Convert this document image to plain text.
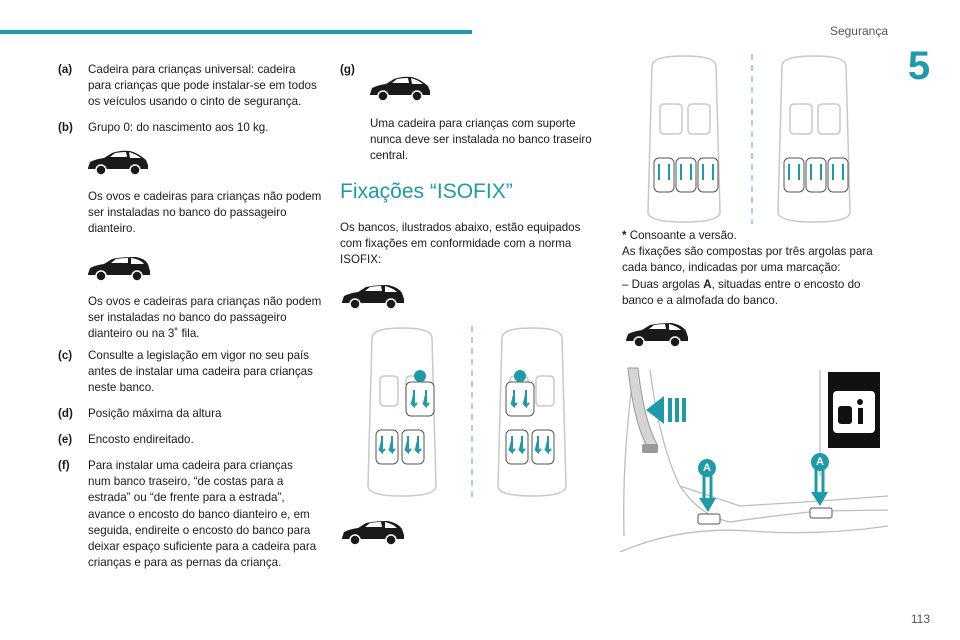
Segurança
5
113
(a) Cadeira para crianças universal: cadeira para crianças que pode instalar-se em todos os veículos usando o cinto de segurança.
(b) Grupo 0: do nascimento aos 10 kg.
Os ovos e cadeiras para crianças não podem ser instaladas no banco do passageiro dianteiro.
Os ovos e cadeiras para crianças não podem ser instaladas no banco do passageiro dianteiro ou na 3˚ fila.
(c) Consulte a legislação em vigor no seu país antes de instalar uma cadeira para crianças neste banco.
(d) Posição máxima da altura
(e) Encosto endireitado.
(f) Para instalar uma cadeira para crianças num banco traseiro, “de costas para a estrada” ou “de frente para a estrada”, avance o encosto do banco dianteiro e, em seguida, endireite o encosto do banco para deixar espaço suficiente para a cadeira para crianças e para as pernas da criança.
(g)
Uma cadeira para crianças com suporte nunca deve ser instalada no banco traseiro central.
Fixações “ISOFIX”
Os bancos, ilustrados abaixo, estão equipados com fixações em conformidade com a norma ISOFIX:
* Consoante a versão.
As fixações são compostas por três argolas para cada banco, indicadas por uma marcação:
– Duas argolas A, situadas entre o encosto do banco e a almofada do banco.
A	A
